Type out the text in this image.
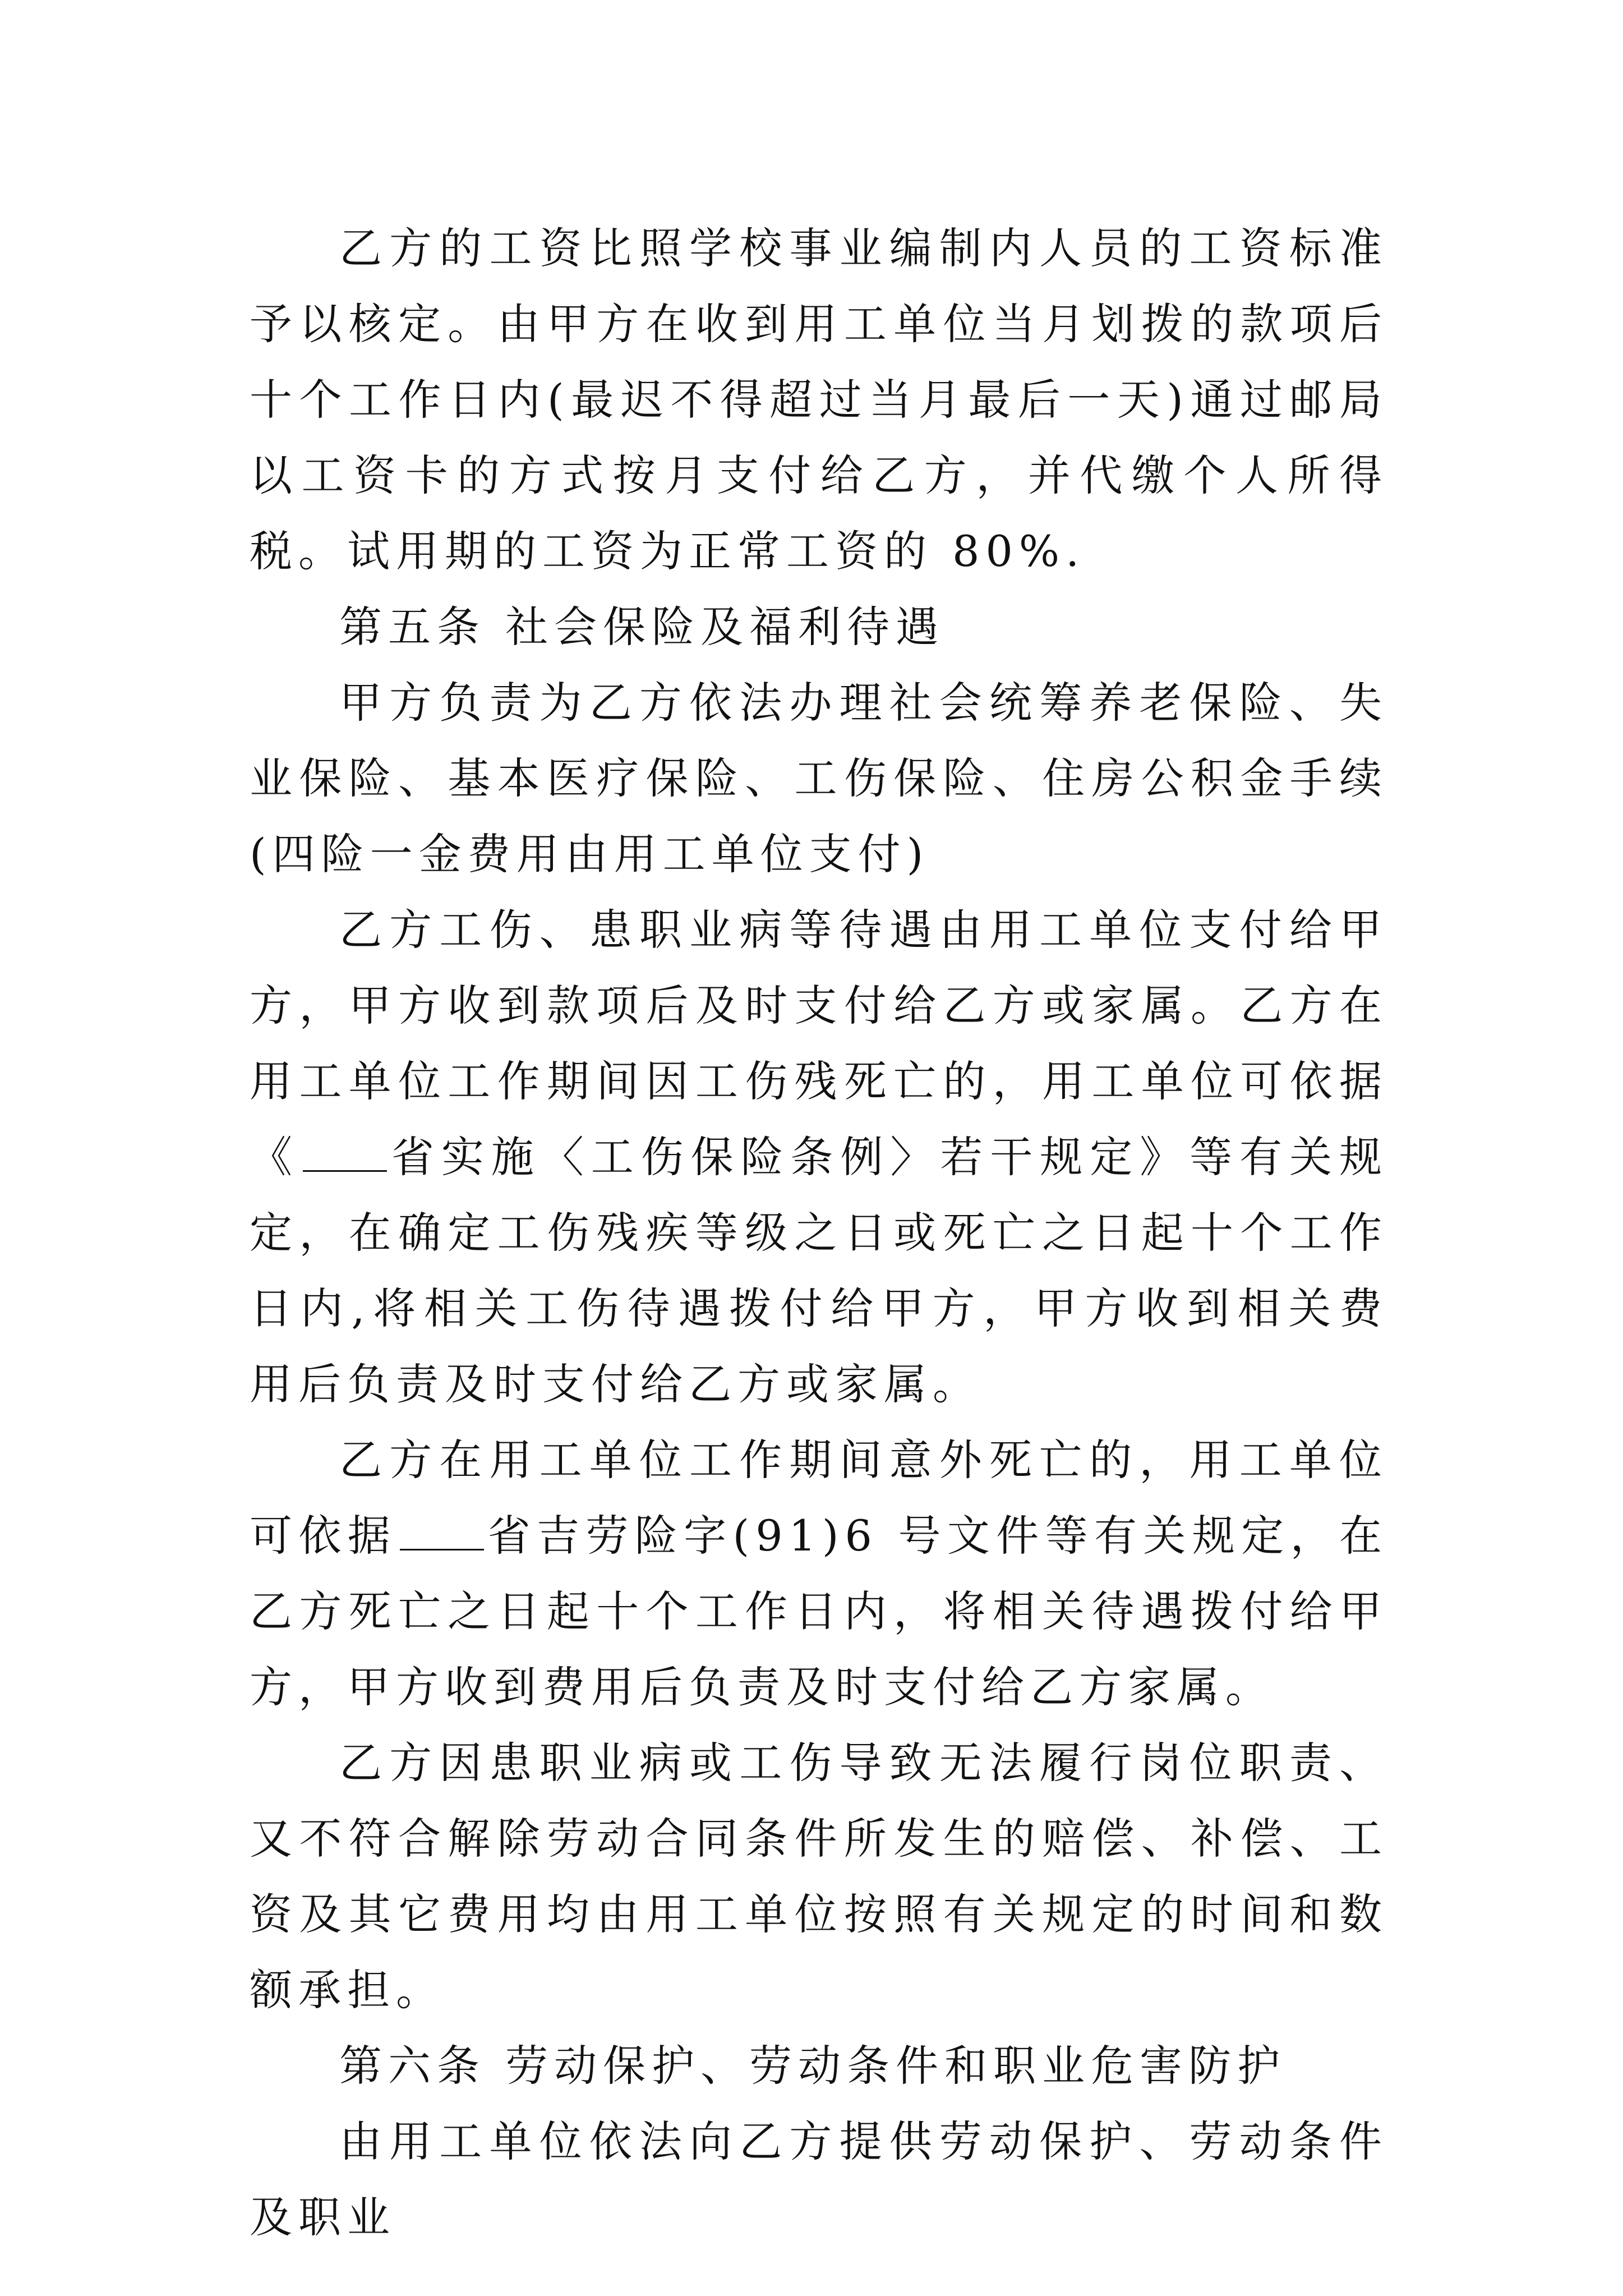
乙方的工资比照学校事业编制内人员的工资标准予以核定。由甲方在收到用工单位当月划拨的款项后十个工作日内(最迟不得超过当月最后一天)通过邮局以工资卡的方式按月支付给乙方，并代缴个人所得税。试用期的工资为正常工资的 80%.

第五条 社会保险及福利待遇

甲方负责为乙方依法办理社会统筹养老保险、失业保险、基本医疗保险、工伤保险、住房公积金手续(四险一金费用由用工单位支付)

乙方工伤、患职业病等待遇由用工单位支付给甲方，甲方收到款项后及时支付给乙方或家属。乙方在用工单位工作期间因工伤残死亡的，用工单位可依据《 省实施〈工伤保险条例〉若干规定》等有关规定，在确定工伤残疾等级之日或死亡之日起十个工作日内,将相关工伤待遇拨付给甲方，甲方收到相关费用后负责及时支付给乙方或家属。

乙方在用工单位工作期间意外死亡的，用工单位可依据 省吉劳险字(91)6 号文件等有关规定，在乙方死亡之日起十个工作日内，将相关待遇拨付给甲方，甲方收到费用后负责及时支付给乙方家属。

乙方因患职业病或工伤导致无法履行岗位职责、又不符合解除劳动合同条件所发生的赔偿、补偿、工资及其它费用均由用工单位按照有关规定的时间和数额承担。

第六条 劳动保护、劳动条件和职业危害防护

由用工单位依法向乙方提供劳动保护、劳动条件及职业
